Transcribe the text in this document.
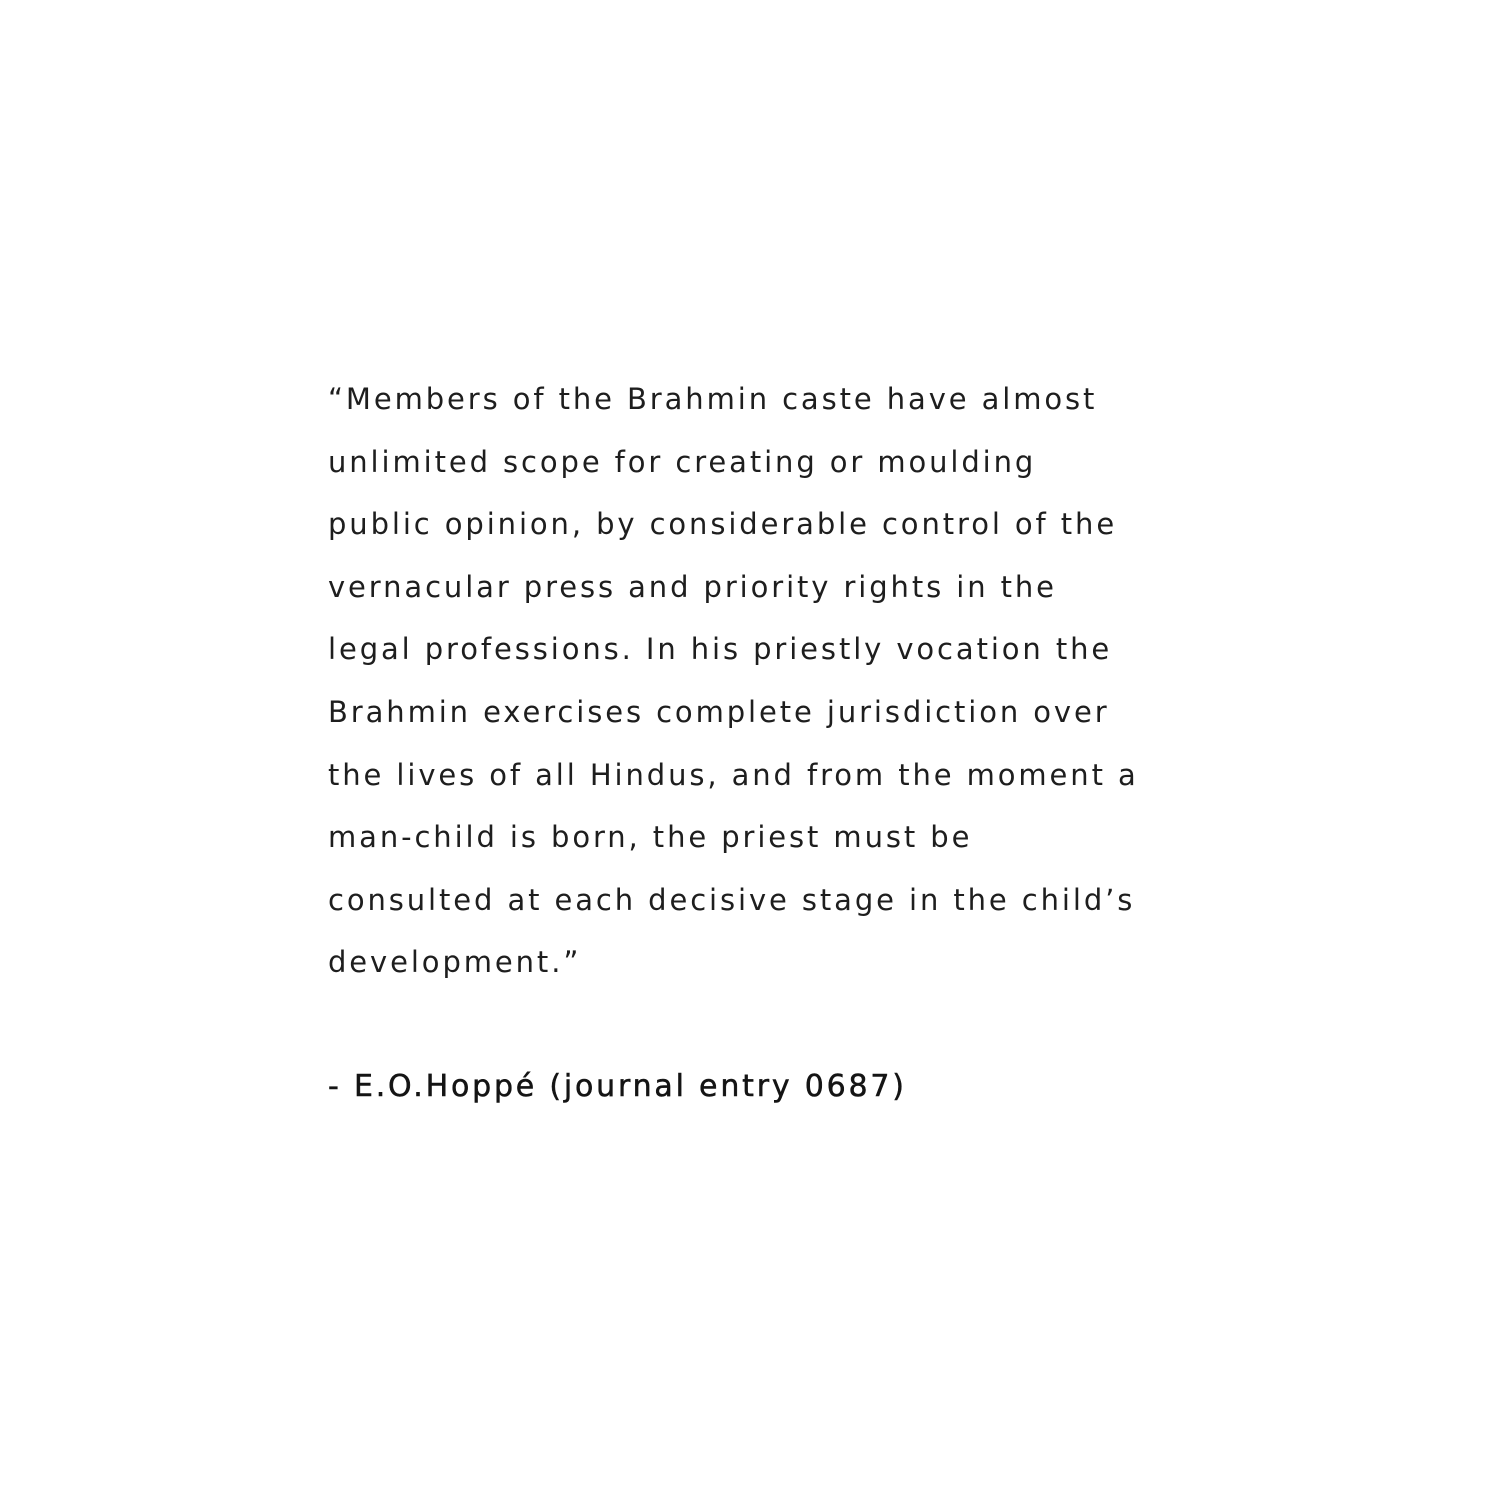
“Members of the Brahmin caste have almost
unlimited scope for creating or moulding
public opinion, by considerable control of the
vernacular press and priority rights in the
legal professions. In his priestly vocation the
Brahmin exercises complete jurisdiction over
the lives of all Hindus, and from the moment a
man-child is born, the priest must be
consulted at each decisive stage in the child’s
development.”
- E.O.Hoppé (journal entry 0687)
